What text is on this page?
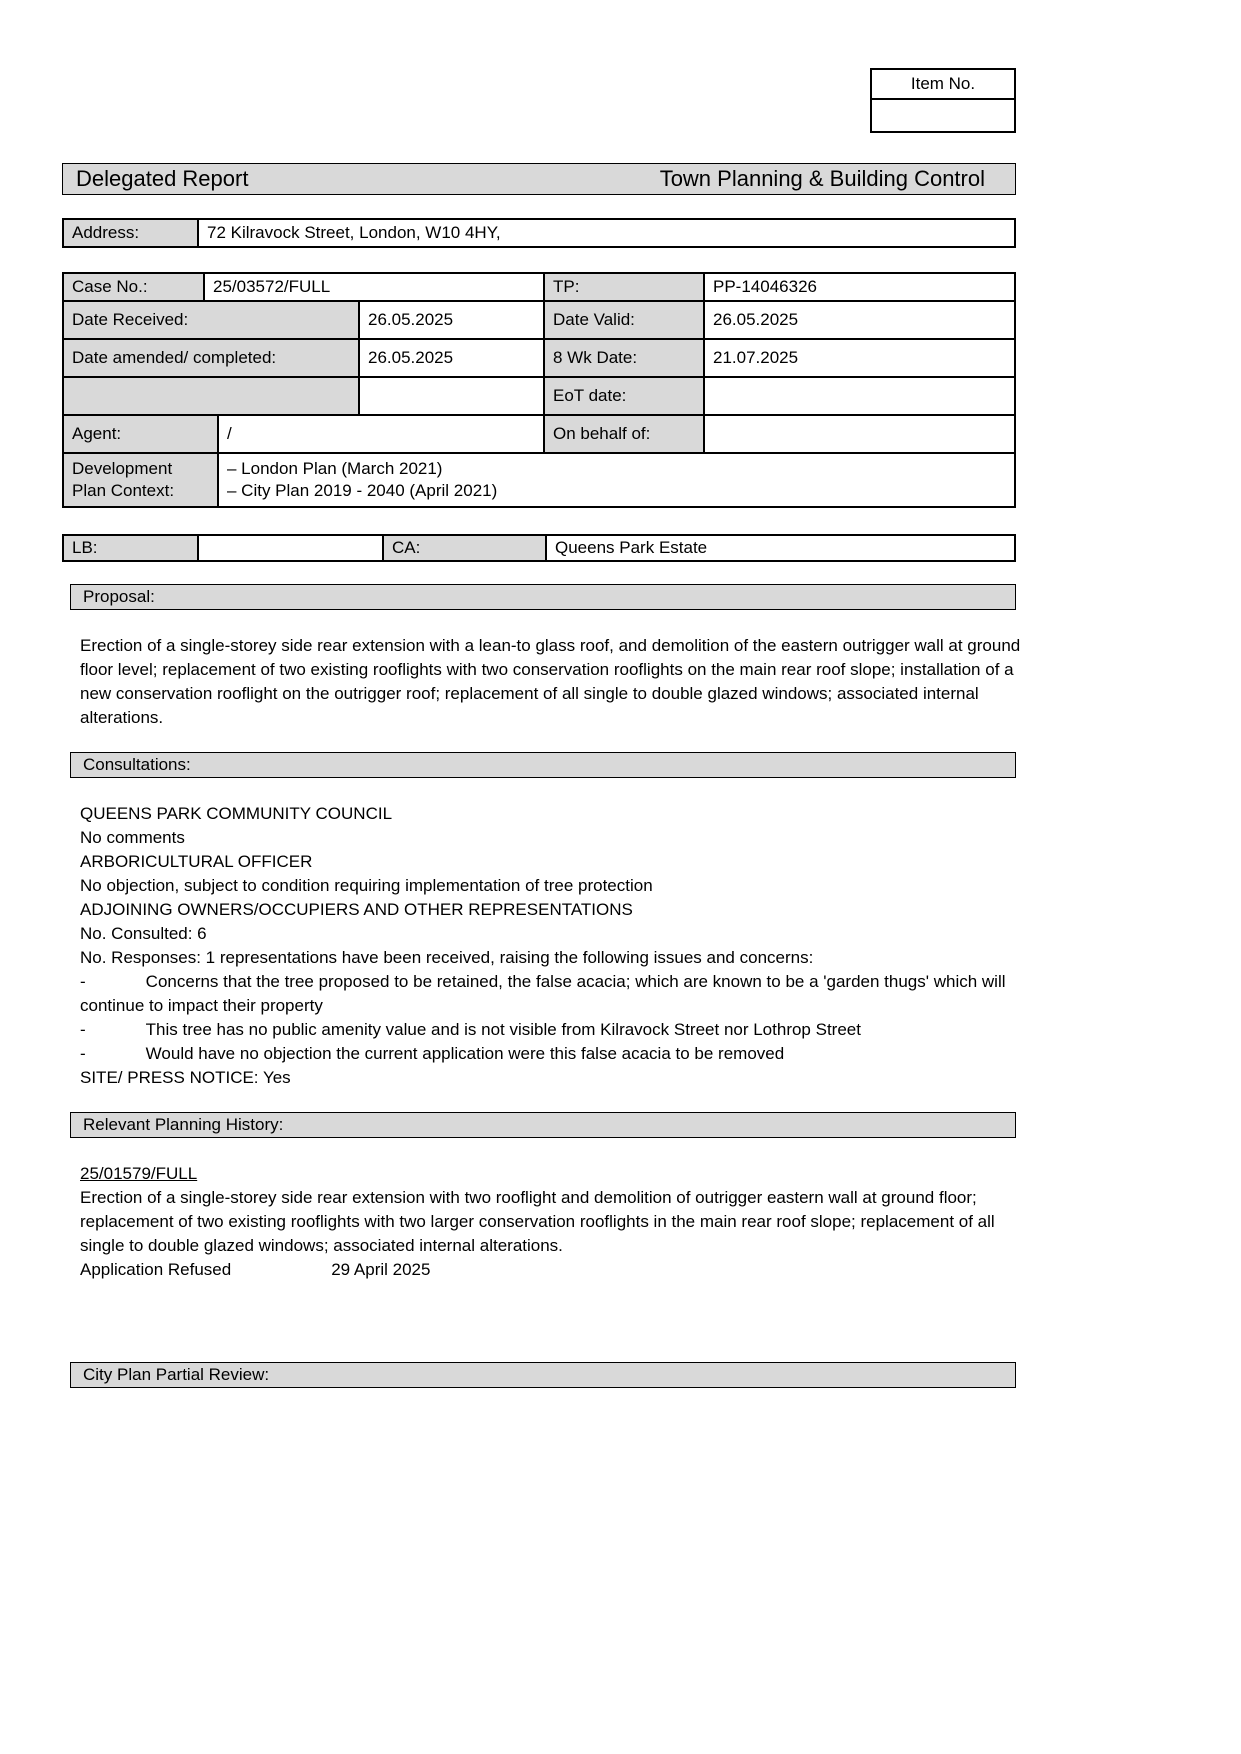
Item No.
Delegated Report	Town Planning & Building Control
Address:	72 Kilravock Street, London, W10 4HY,
Case No.:	25/03572/FULL	TP:	PP-14046326
Date Received:	26.05.2025	Date Valid:	26.05.2025
Date amended/ completed:	26.05.2025	8 Wk Date:	21.07.2025
EoT date:
Agent:	/	On behalf of:
Development Plan Context:
– London Plan (March 2021)
– City Plan 2019 - 2040 (April 2021)
LB:	CA:	Queens Park Estate
Proposal:

Erection of a single-storey side rear extension with a lean-to glass roof, and demolition of the eastern outrigger wall at ground floor level; replacement of two existing rooflights with two conservation rooflights on the main rear roof slope; installation of a new conservation rooflight on the outrigger roof; replacement of all single to double glazed windows; associated internal alterations.

Consultations:

QUEENS PARK COMMUNITY COUNCIL

No comments

ARBORICULTURAL OFFICER

No objection, subject to condition requiring implementation of tree protection

ADJOINING OWNERS/OCCUPIERS AND OTHER REPRESENTATIONS

No. Consulted: 6

No. Responses: 1 representations have been received, raising the following issues and concerns:

-	Concerns that the tree proposed to be retained, the false acacia; which are known to be a 'garden thugs' which will continue to impact their property

-	This tree has no public amenity value and is not visible from Kilravock Street nor Lothrop Street

-	Would have no objection the current application were this false acacia to be removed

SITE/ PRESS NOTICE: Yes

Relevant Planning History:

25/01579/FULL

Erection of a single-storey side rear extension with two rooflight and demolition of outrigger eastern wall at ground floor; replacement of two existing rooflights with two larger conservation rooflights in the main rear roof slope; replacement of all single to double glazed windows; associated internal alterations.

Application Refused	29 April 2025

City Plan Partial Review:
